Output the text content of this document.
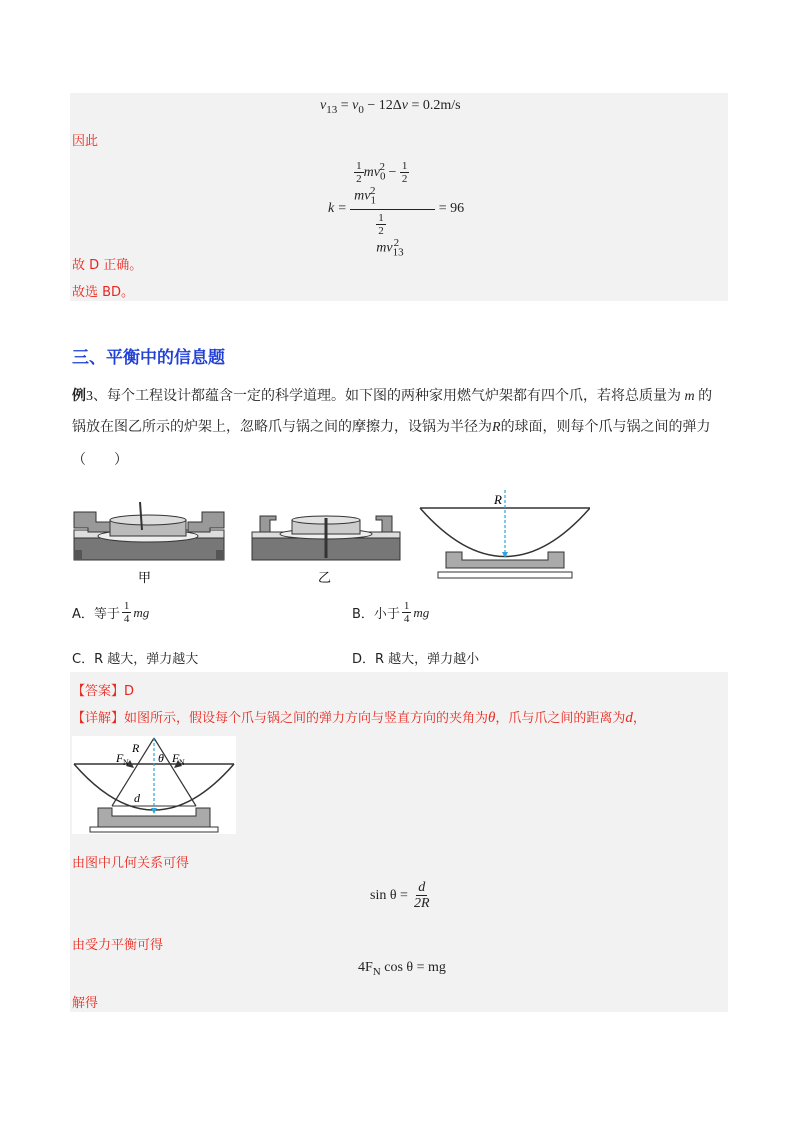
$v_{13} = v_0 - 12\Delta v = 0.2m/s$
因此
$k = \frac{1}{2} mv_0^2 - \frac{1}{2}$
$mv_1^2$
$\frac{1}{2}$
$mv_{13}^2 = 96$
故 D 正确。
故选 BD。
三、平衡中的信息题
例3、每个工程设计都蕴含一定的科学道理。如下图的两种家用燃气炉架都有四个爪，若将总质量为 m 的
锅放在图乙所示的炉架上，忽略爪与锅之间的摩擦力，设锅为半径为R的球面，则每个爪与锅之间的弹力
（　　）
甲	乙
R
A．等于 $\frac{1}{4}$ mg	B．小于 $\frac{1}{4}$ mg
C．R 越大，弹力越大	D．R 越大，弹力越小
【答案】D
【详解】如图所示，假设每个爪与锅之间的弹力方向与竖直方向的夹角为θ，爪与爪之间的距离为d，
F N
R
θ F N
d
由图中几何关系可得
$\sin \theta = \frac{d}{2R}$
由受力平衡可得
$4F_N$ cos θ = mg
解得
